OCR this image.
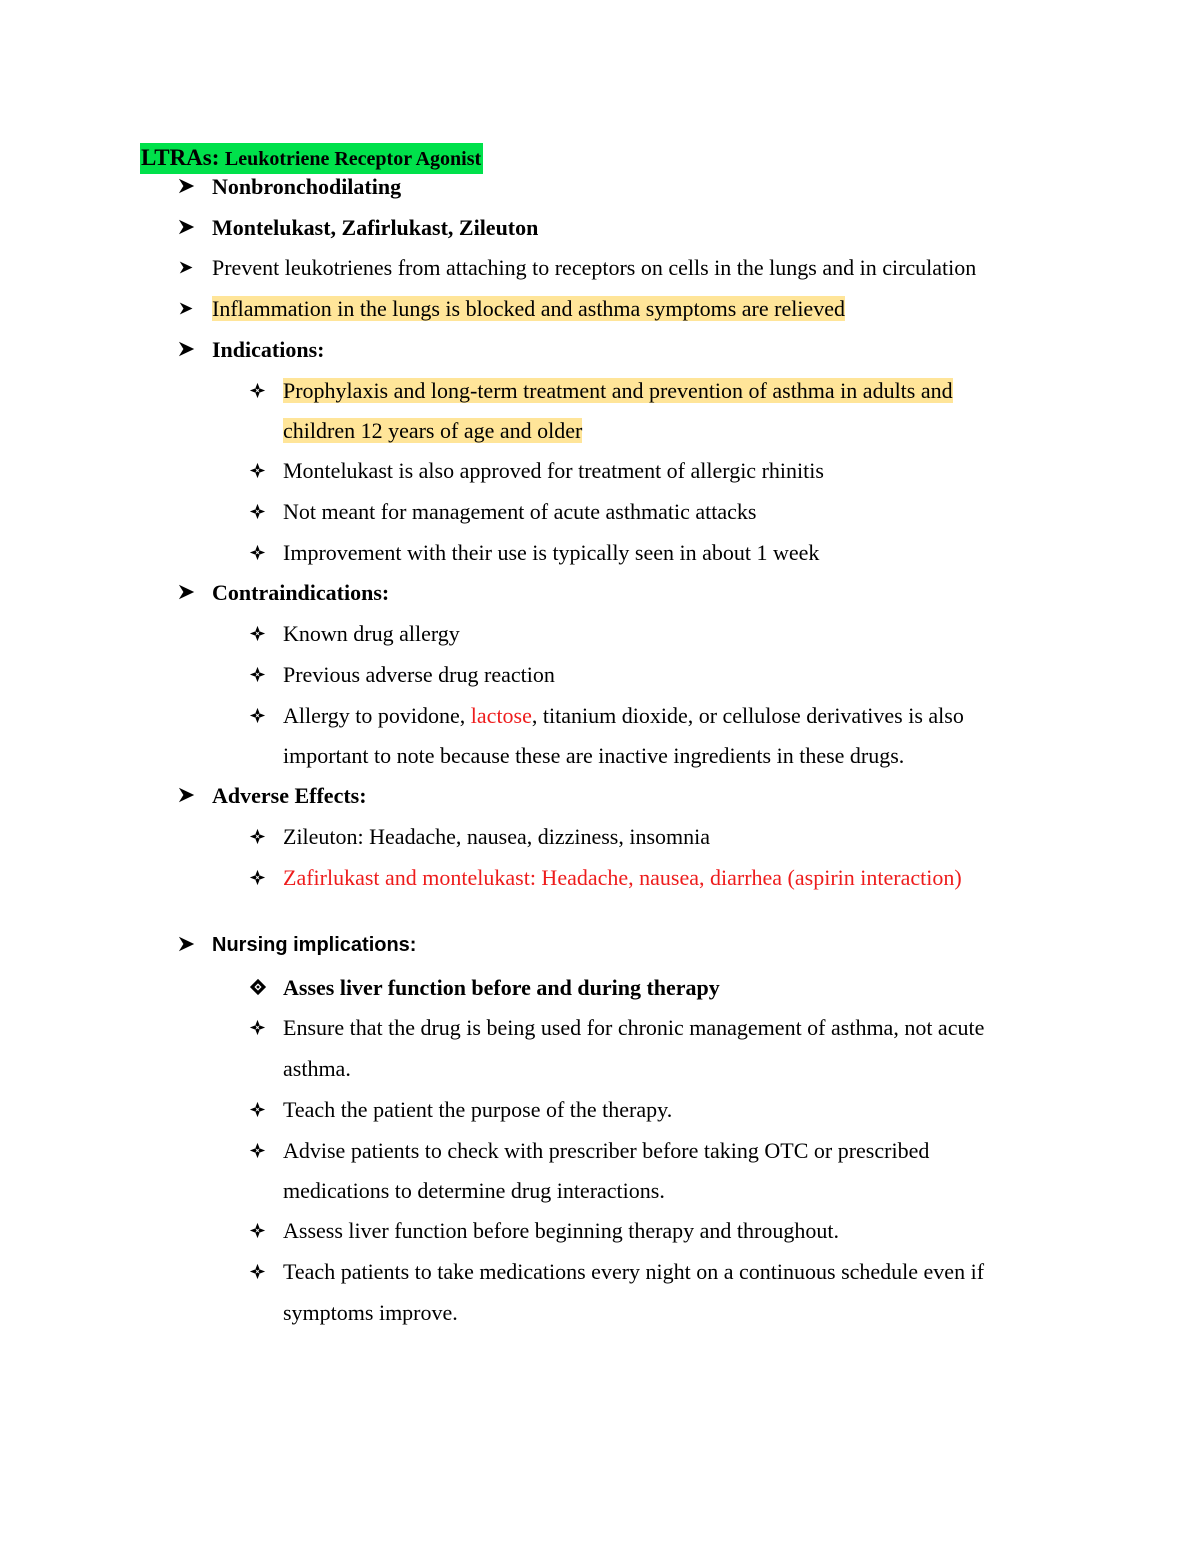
LTRAs: Leukotriene Receptor Agonist
Nonbronchodilating
Montelukast, Zafirlukast, Zileuton
Prevent leukotrienes from attaching to receptors on cells in the lungs and in circulation
Inflammation in the lungs is blocked and asthma symptoms are relieved
Indications:
Prophylaxis and long-term treatment and prevention of asthma in adults and
children 12 years of age and older
Montelukast is also approved for treatment of allergic rhinitis
Not meant for management of acute asthmatic attacks
Improvement with their use is typically seen in about 1 week
Contraindications:
Known drug allergy
Previous adverse drug reaction
Allergy to povidone, lactose, titanium dioxide, or cellulose derivatives is also
important to note because these are inactive ingredients in these drugs.
Adverse Effects:
Zileuton: Headache, nausea, dizziness, insomnia
Zafirlukast and montelukast: Headache, nausea, diarrhea (aspirin interaction)
Nursing implications:
Asses liver function before and during therapy
Ensure that the drug is being used for chronic management of asthma, not acute
asthma.
Teach the patient the purpose of the therapy.
Advise patients to check with prescriber before taking OTC or prescribed
medications to determine drug interactions.
Assess liver function before beginning therapy and throughout.
Teach patients to take medications every night on a continuous schedule even if
symptoms improve.
